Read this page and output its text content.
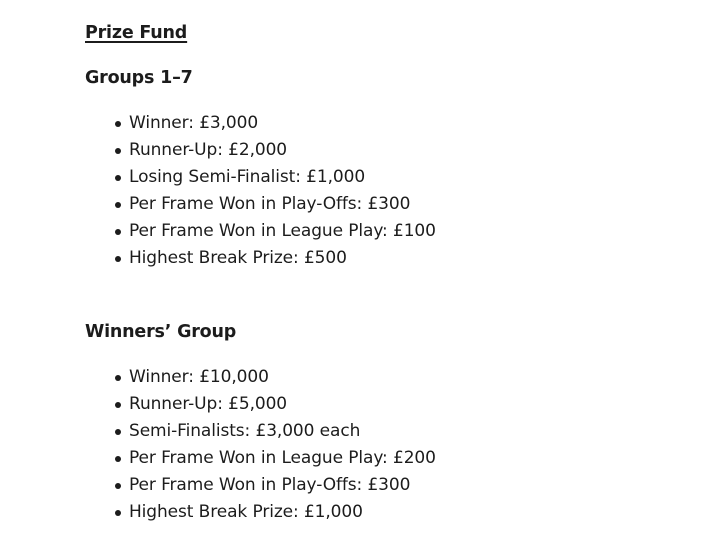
Prize Fund
Groups 1–7
Winner: £3,000
Runner-Up: £2,000
Losing Semi-Finalist: £1,000
Per Frame Won in Play-Offs: £300
Per Frame Won in League Play: £100
Highest Break Prize: £500
Winners’ Group
Winner: £10,000
Runner-Up: £5,000
Semi-Finalists: £3,000 each
Per Frame Won in League Play: £200
Per Frame Won in Play-Offs: £300
Highest Break Prize: £1,000
